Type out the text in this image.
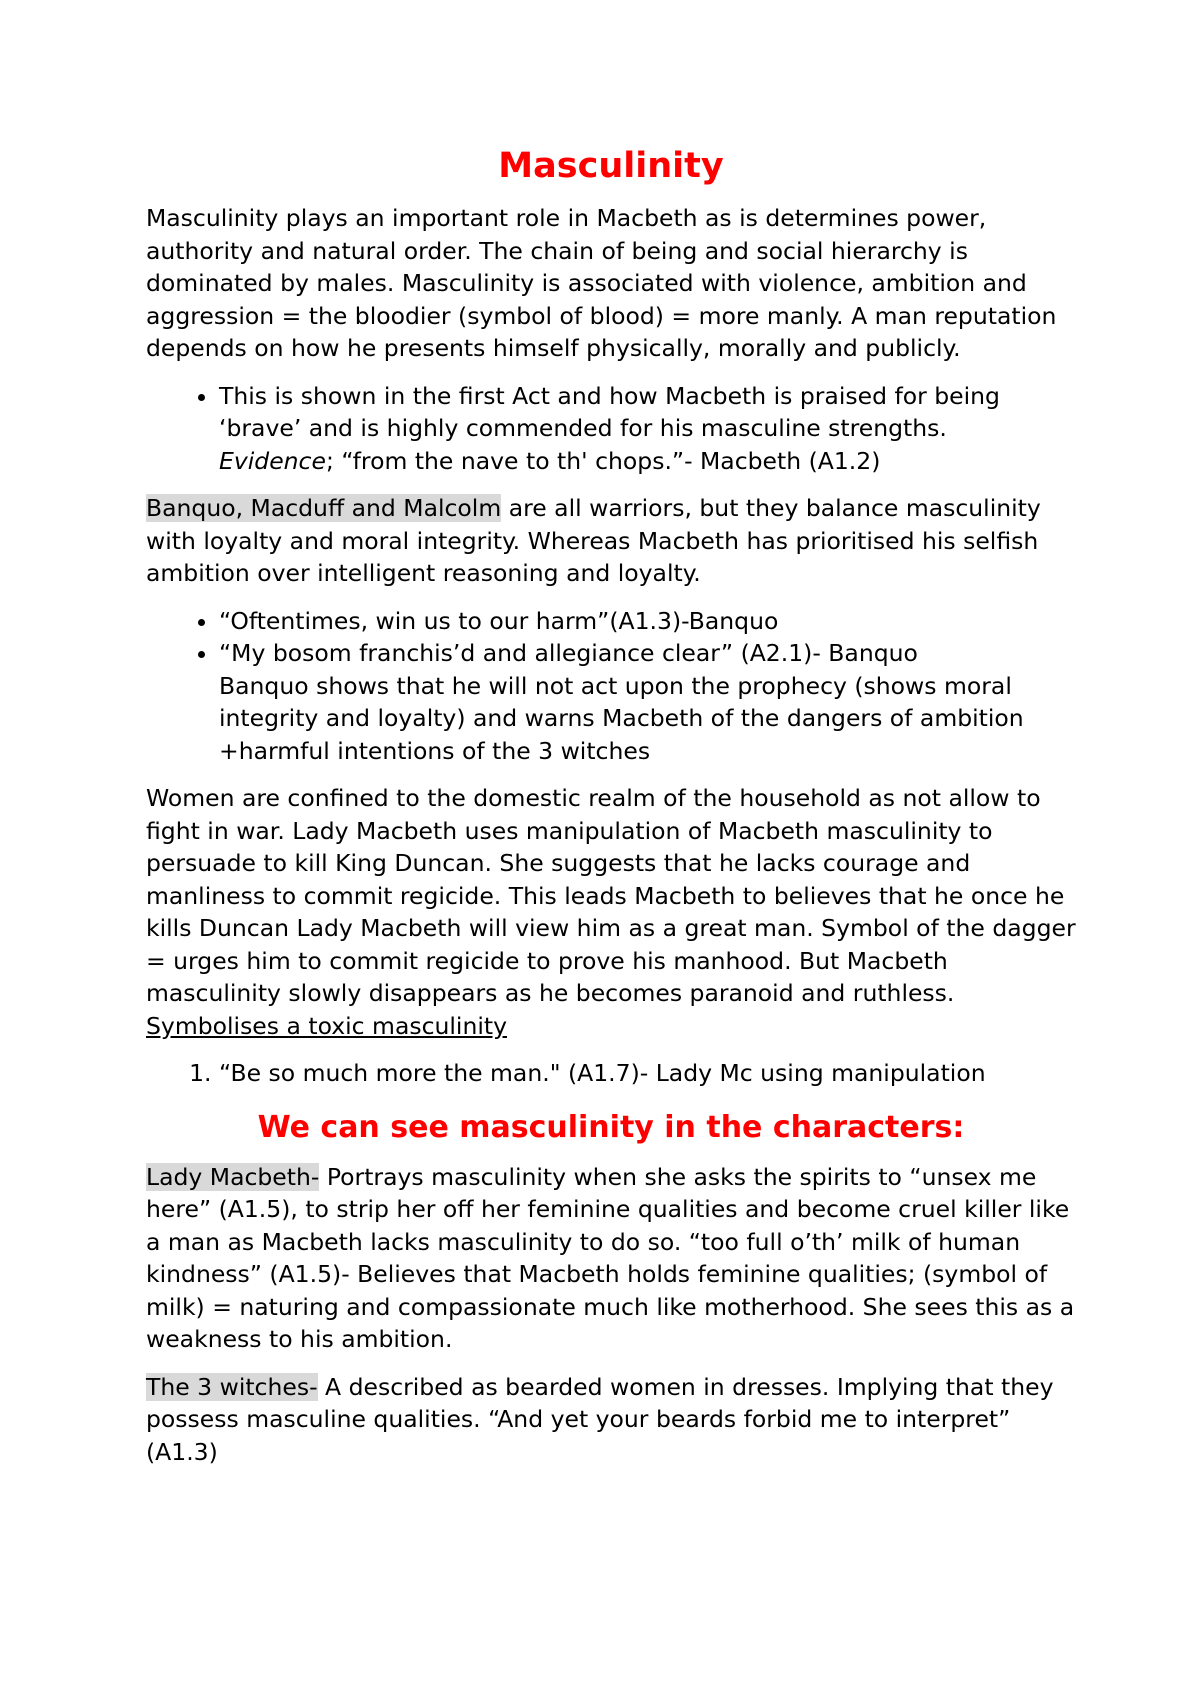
Masculinity

Masculinity plays an important role in Macbeth as is determines power, authority and natural order. The chain of being and social hierarchy is dominated by males. Masculinity is associated with violence, ambition and aggression = the bloodier (symbol of blood) = more manly. A man reputation depends on how he presents himself physically, morally and publicly.

• This is shown in the first Act and how Macbeth is praised for being ‘brave’ and is highly commended for his masculine strengths.
Evidence; “from the nave to th' chops.”- Macbeth (A1.2)

Banquo, Macduff and Malcolm are all warriors, but they balance masculinity with loyalty and moral integrity. Whereas Macbeth has prioritised his selfish ambition over intelligent reasoning and loyalty.

• “Oftentimes, win us to our harm”(A1.3)-Banquo
• “My bosom franchis’d and allegiance clear” (A2.1)- Banquo
Banquo shows that he will not act upon the prophecy (shows moral integrity and loyalty) and warns Macbeth of the dangers of ambition +harmful intentions of the 3 witches

Women are confined to the domestic realm of the household as not allow to fight in war. Lady Macbeth uses manipulation of Macbeth masculinity to persuade to kill King Duncan. She suggests that he lacks courage and manliness to commit regicide. This leads Macbeth to believes that he once he kills Duncan Lady Macbeth will view him as a great man. Symbol of the dagger = urges him to commit regicide to prove his manhood. But Macbeth masculinity slowly disappears as he becomes paranoid and ruthless. Symbolises a toxic masculinity

1. “Be so much more the man." (A1.7)- Lady Mc using manipulation
We can see masculinity in the characters:

Lady Macbeth- Portrays masculinity when she asks the spirits to “unsex me here” (A1.5), to strip her off her feminine qualities and become cruel killer like a man as Macbeth lacks masculinity to do so. “too full o’th’ milk of human kindness” (A1.5)- Believes that Macbeth holds feminine qualities; (symbol of milk) = naturing and compassionate much like motherhood. She sees this as a weakness to his ambition.

The 3 witches- A described as bearded women in dresses. Implying that they possess masculine qualities. “And yet your beards forbid me to interpret” (A1.3)
